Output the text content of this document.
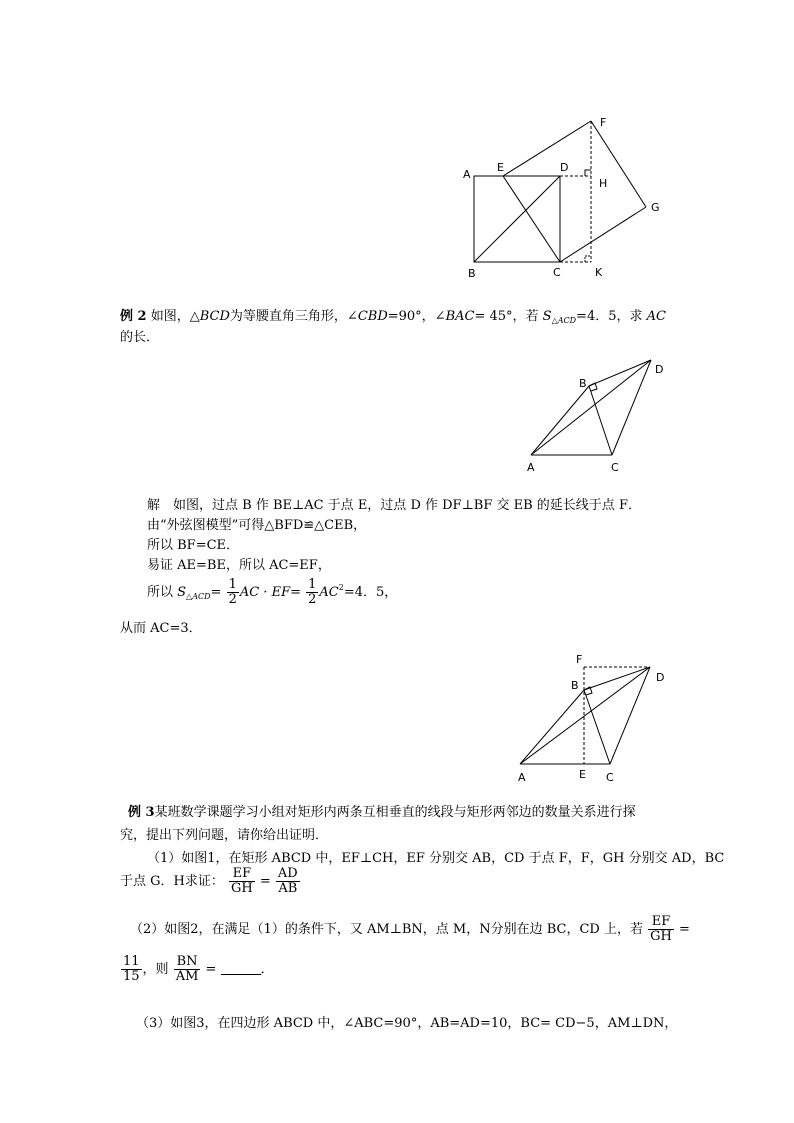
A
B	C
D
E
F
G
H
K
例 2 如图，△BCD为等腰直角三角形，∠CBD=90°，∠BAC= 45°，若 $S_{\triangle ACD}=4$．5，求 AC
的长．
A
B
C
D
解　如图，过点 B 作 BE⊥AC 于点 E，过点 D 作 DF⊥BF 交 EB 的延长线于点 F．
由“外弦图模型”可得△BFD≌△CEB，
所以 BF=CE．
易证 AE=BE，所以 AC=EF，
所以 $S_{\triangle ACD}= \frac{1}{2}$ AC · $EF= \frac{1}{2} AC^2=4$．5，
从而 AC=3．
F
B
D
A	E C
例 3某班数学课题学习小组对矩形内两条互相垂直的线段与矩形两邻边的数量关系进行探
究，提出下列问题，请你给出证明．
（1）如图1，在矩形 ABCD 中，EF⊥CH，EF 分别交 AB，CD 于点 F，F，GH 分别交 AD，BC
于点 G．H求证： $\frac{EF}{GH} = \frac{AD}{AB}$
（2）如图2，在满足（1）的条件下，又 AM⊥BN，点 M，N分别在边 BC，CD 上，若 $\frac{EF}{GH}$ =
$\frac{11}{15}$ ，则 $\frac{BN}{AM}$ =	．
（3）如图3，在四边形 ABCD 中，∠ABC=90°，AB=AD=10，BC= CD−5，AM⊥DN，
